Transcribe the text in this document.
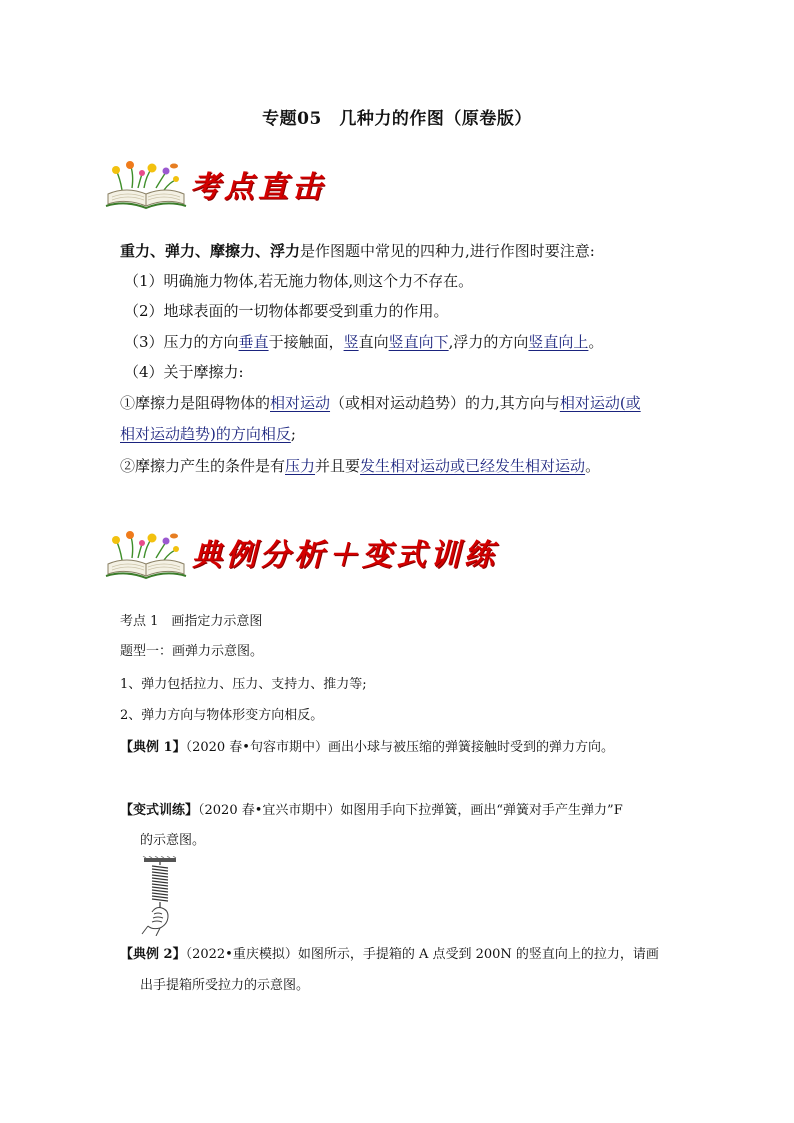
专题05　几种力的作图（原卷版）
考点直击
重力、弹力、摩擦力、浮力是作图题中常见的四种力,进行作图时要注意:
（1）明确施力物体,若无施力物体,则这个力不存在。
（2）地球表面的一切物体都要受到重力的作用。
（3）压力的方向垂直于接触面，竖直向竖直向下,浮力的方向竖直向上。
（4）关于摩擦力:
①摩擦力是阻碍物体的相对运动（或相对运动趋势）的力,其方向与相对运动(或
相对运动趋势)的方向相反;
②摩擦力产生的条件是有压力并且要发生相对运动或已经发生相对运动。
典例分析＋变式训练
考点 1　画指定力示意图
题型一：画弹力示意图。
1、弹力包括拉力、压力、支持力、推力等;
2、弹力方向与物体形变方向相反。
【典例 1】（2020 春•句容市期中）画出小球与被压缩的弹簧接触时受到的弹力方向。
【变式训练】（2020 春•宜兴市期中）如图用手向下拉弹簧，画出“弹簧对手产生弹力”F
的示意图。
【典例 2】（2022•重庆模拟）如图所示，手提箱的 A 点受到 200N 的竖直向上的拉力，请画
出手提箱所受拉力的示意图。
